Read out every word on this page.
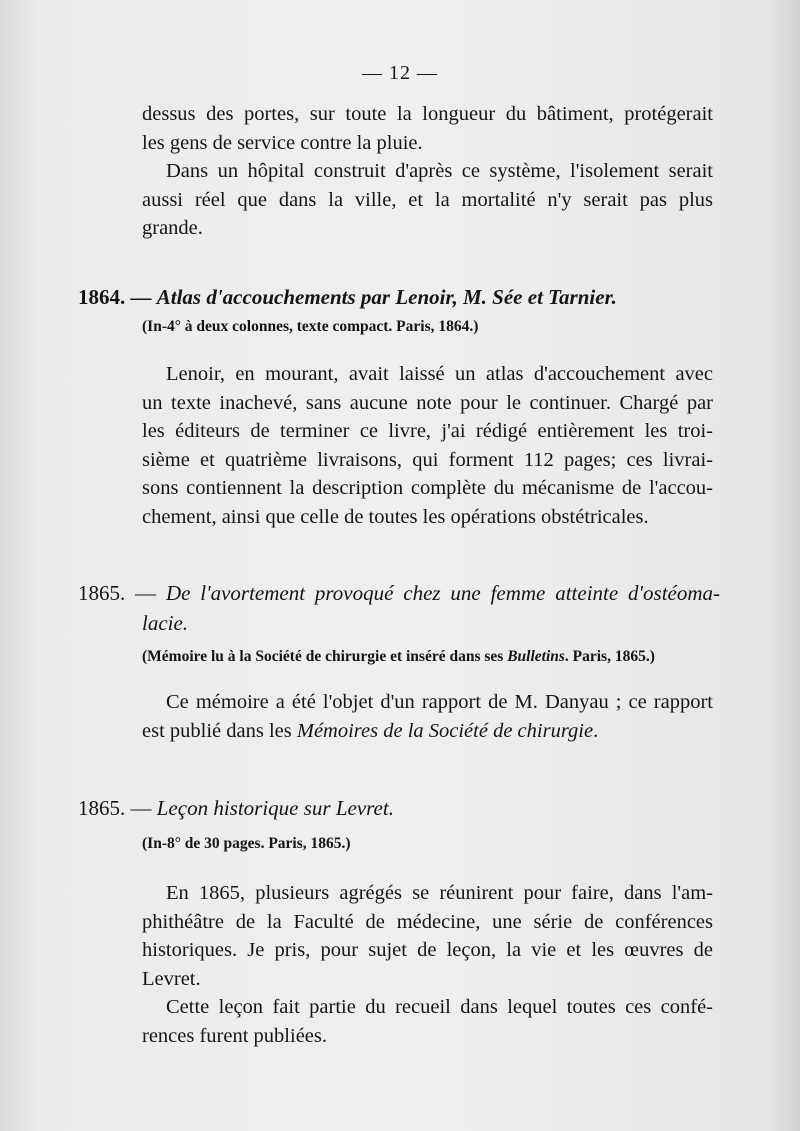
— 12 —
dessus des portes, sur toute la longueur du bâtiment, protégerait
les gens de service contre la pluie.
Dans un hôpital construit d'après ce système, l'isolement serait
aussi réel que dans la ville, et la mortalité n'y serait pas plus
grande.
1864. — Atlas d'accouchements par Lenoir, M. Sée et Tarnier.
(In-4° à deux colonnes, texte compact. Paris, 1864.)
Lenoir, en mourant, avait laissé un atlas d'accouchement avec
un texte inachevé, sans aucune note pour le continuer. Chargé par
les éditeurs de terminer ce livre, j'ai rédigé entièrement les troi-
sième et quatrième livraisons, qui forment 112 pages; ces livrai-
sons contiennent la description complète du mécanisme de l'accou-
chement, ainsi que celle de toutes les opérations obstétricales.
1865. — De l'avortement provoqué chez une femme atteinte d'ostéoma-
lacie.
(Mémoire lu à la Société de chirurgie et inséré dans ses Bulletins. Paris, 1865.)
Ce mémoire a été l'objet d'un rapport de M. Danyau ; ce rapport
est publié dans les Mémoires de la Société de chirurgie.
1865. — Leçon historique sur Levret.
(In-8° de 30 pages. Paris, 1865.)
En 1865, plusieurs agrégés se réunirent pour faire, dans l'am-
phithéâtre de la Faculté de médecine, une série de conférences
historiques. Je pris, pour sujet de leçon, la vie et les œuvres de
Levret.
Cette leçon fait partie du recueil dans lequel toutes ces confé-
rences furent publiées.
